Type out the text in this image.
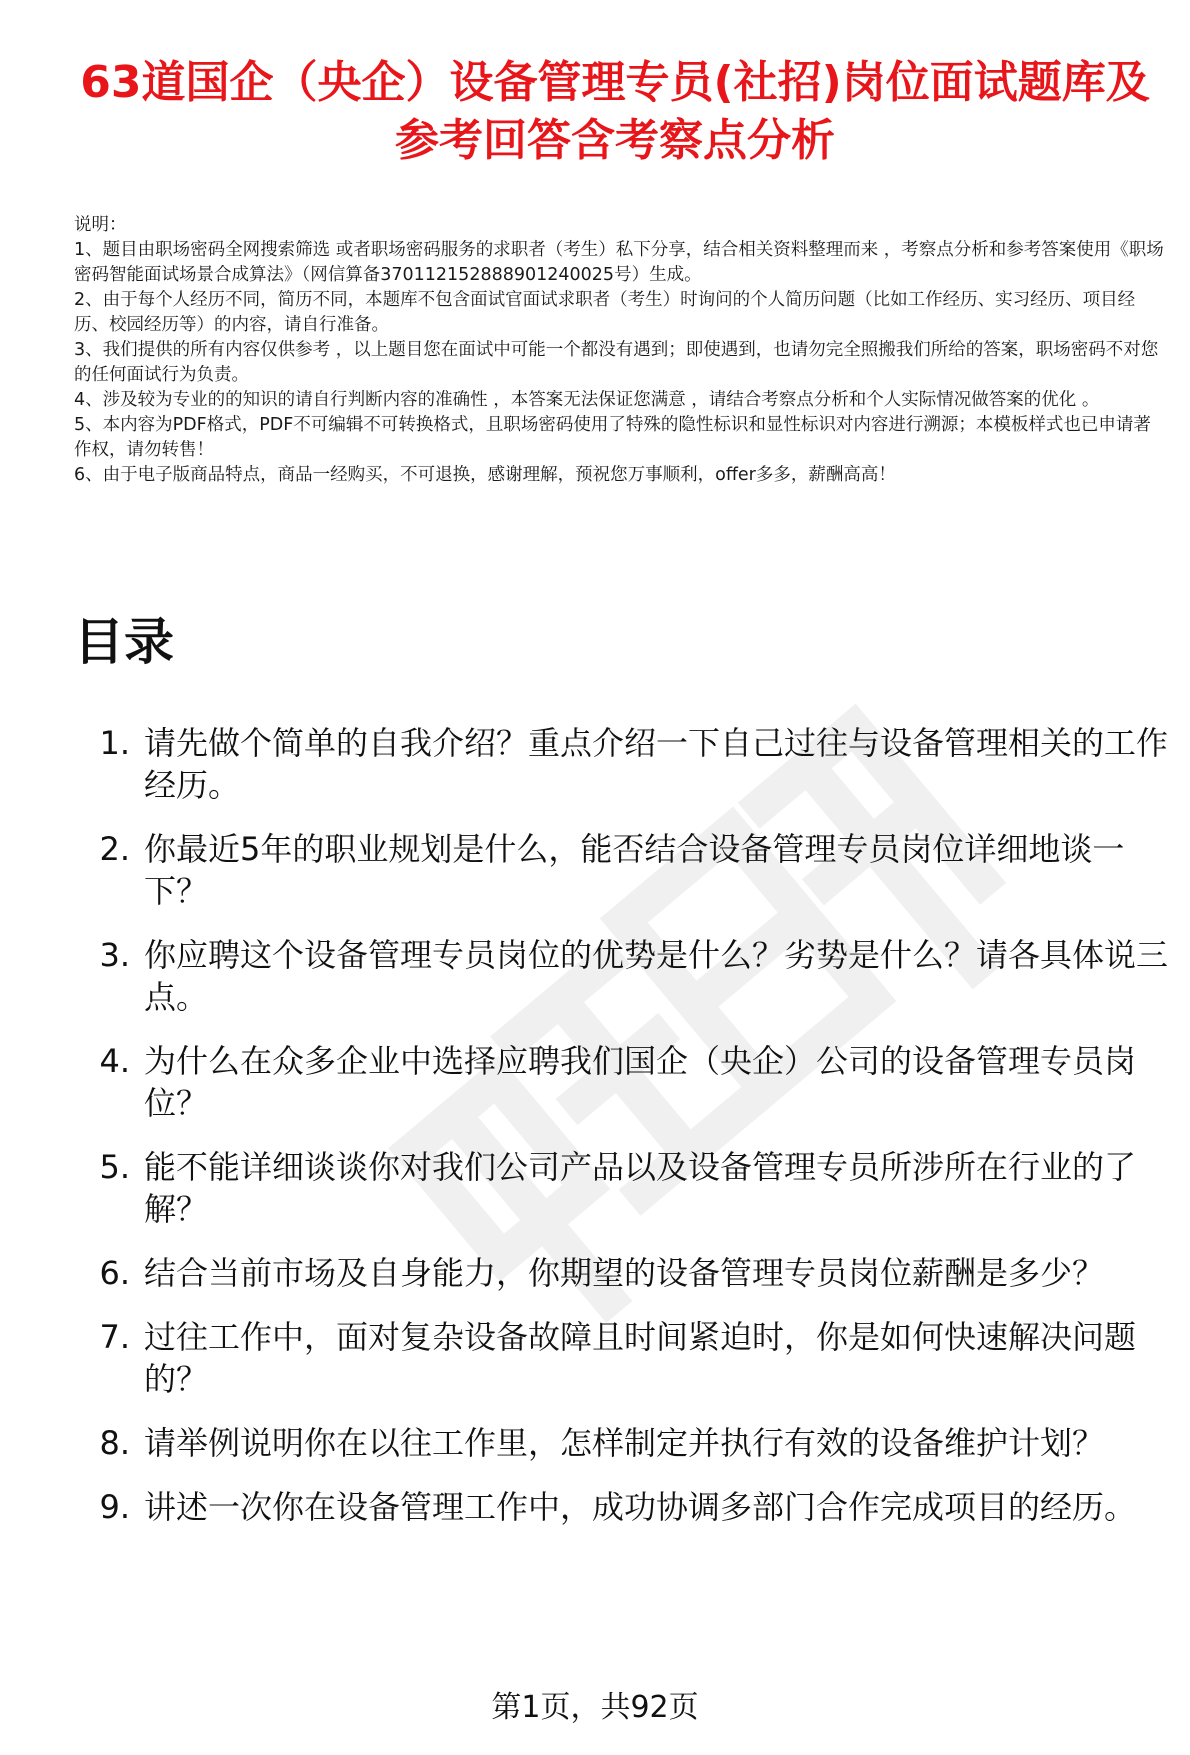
63道国企（央企）设备管理专员(社招)岗位面试题库及参考回答含考察点分析
说明：
1、题目由职场密码全网搜索筛选 或者职场密码服务的求职者（考生）私下分享，结合相关资料整理而来 ，考察点分析和参考答案使用《职场密码智能面试场景合成算法》（网信算备370112152888901240025号）生成。
2、由于每个人经历不同，简历不同，本题库不包含面试官面试求职者（考生）时询问的个人简历问题（比如工作经历、实习经历、项目经历、校园经历等）的内容，请自行准备。
3、我们提供的所有内容仅供参考 ，以上题目您在面试中可能一个都没有遇到；即使遇到，也请勿完全照搬我们所给的答案，职场密码不对您的任何面试行为负责。
4、涉及较为专业的的知识的请自行判断内容的准确性 ，本答案无法保证您满意 ，请结合考察点分析和个人实际情况做答案的优化 。
5、本内容为PDF格式，PDF不可编辑不可转换格式，且职场密码使用了特殊的隐性标识和显性标识对内容进行溯源；本模板样式也已申请著作权，请勿转售！
6、由于电子版商品特点，商品一经购买，不可退换，感谢理解，预祝您万事顺利，offer多多，薪酬高高！
目录
1. 请先做个简单的自我介绍？重点介绍一下自己过往与设备管理相关的工作经历。
2. 你最近5年的职业规划是什么，能否结合设备管理专员岗位详细地谈一下？
3. 你应聘这个设备管理专员岗位的优势是什么？劣势是什么？请各具体说三点。
4. 为什么在众多企业中选择应聘我们国企（央企）公司的设备管理专员岗位？
5. 能不能详细谈谈你对我们公司产品以及设备管理专员所涉所在行业的了解？
6. 结合当前市场及自身能力，你期望的设备管理专员岗位薪酬是多少？
7. 过往工作中，面对复杂设备故障且时间紧迫时，你是如何快速解决问题的？
8. 请举例说明你在以往工作里，怎样制定并执行有效的设备维护计划？
9. 讲述一次你在设备管理工作中，成功协调多部门合作完成项目的经历。
第1页，共92页
